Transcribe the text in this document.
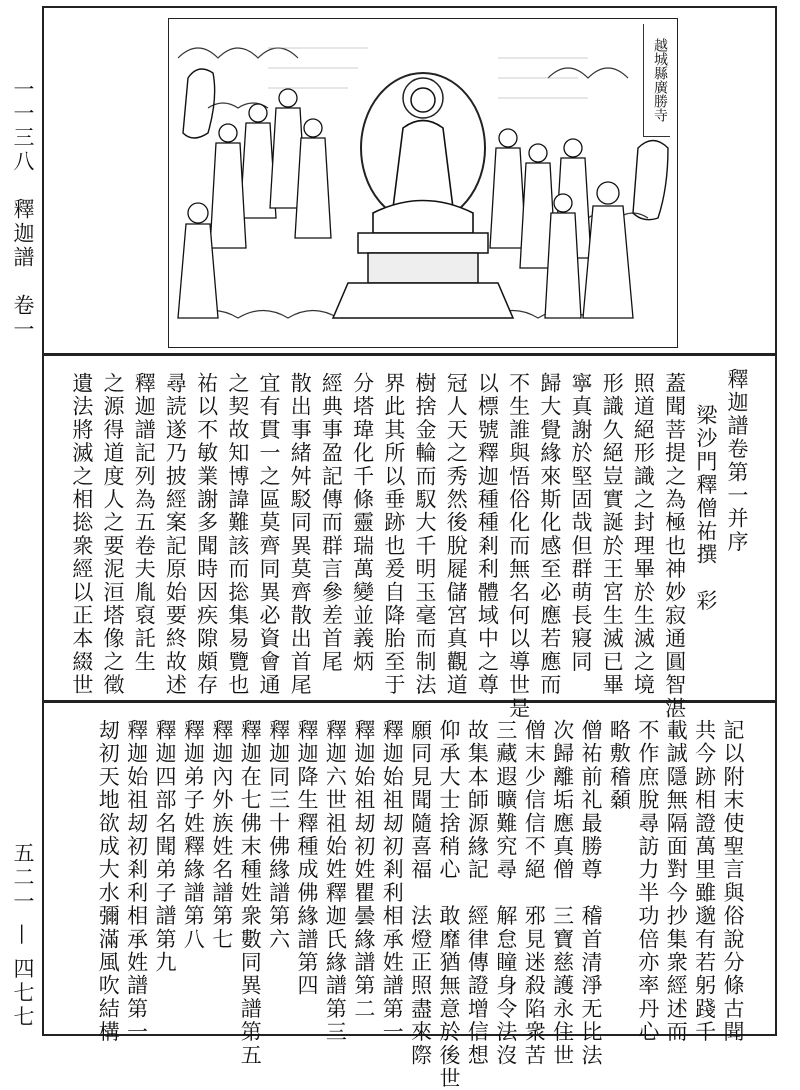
一一三八　釋迦譜　卷一
五二一 — 四七七
越城縣廣勝寺
釋迦譜卷第一并序
梁沙門釋僧祐撰　彩
蓋聞菩提之為極也神妙寂通圓智湛
照道絕形識之封理畢於生滅之境
形識久絕豈實誕於王宮生滅已畢
寧真謝於堅固哉但群萌長寢同
歸大覺緣來斯化感至必應若應而
不生誰與悟俗化而無名何以導世是
以標號釋迦種種剎利體域中之尊
冠人天之秀然後脫屣儲宮真觀道
樹捨金輪而馭大千明玉毫而制法
界此其所以垂跡也爰自降胎至于
分塔瑋化千條靈瑞萬變並義炳
經典事盈記傳而群言參差首尾
散出事緒舛駁同異莫齊散出首尾
宜有貫一之區莫齊同異必資會通
之契故知博諱難該而捴集易覽也
祐以不敏業謝多聞時因疾隙頗存
尋読遂乃披經案記原始要終故述
釋迦譜記列為五卷夫胤裒託生
之源得道度人之要泥洹塔像之徵
遺法將滅之相捴衆經以正本綴世
記以附末使聖言與俗說分條古聞
共今跡相證萬里雖邈有若躬踐千
載誠隱無隔面對今抄集衆經述而
不作庶脫尋訪力半功倍亦率丹心
略敷稽顙
僧祐前礼最勝尊　稽首清淨无比法
次歸離垢應真僧　三寶慈護永住世
僧末少信信不絕　邪見迷殺陷衆苦
三藏遐曠難究尋　解怠瞳身令法沒
故集本師源緣記　經律傳證增信想
仰承大士捨稍心　敢靡猶無意於後世
願同見聞隨喜福　法燈正照盡來際
釋迦始祖刼初剎利相承姓譜第一
釋迦始祖刼初姓瞿曇緣譜第二
釋迦六世祖始姓釋迦氏緣譜第三
釋迦降生釋種成佛緣譜第四
釋迦同三十佛緣譜第六
釋迦在七佛末種姓衆數同異譜第五
釋迦內外族姓名譜第七
釋迦弟子姓釋緣譜第八
釋迦四部名聞弟子譜第九
釋迦始祖刼初剎利相承姓譜第一
刼初天地欲成大水彌滿風吹結構
